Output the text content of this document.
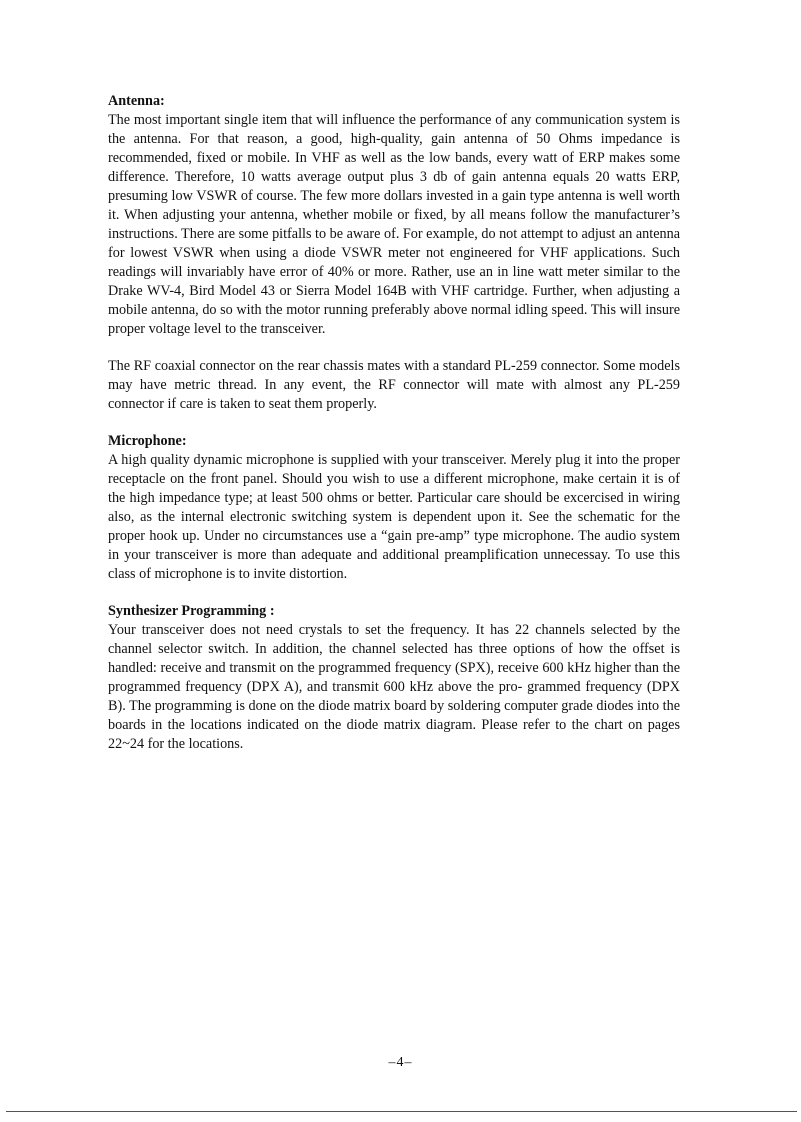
Antenna:

The most important single item that will influence the performance of any communication system is the antenna. For that reason, a good, high-quality, gain antenna of 50 Ohms impedance is recommended, fixed or mobile. In VHF as well as the low bands, every watt of ERP makes some difference. Therefore, 10 watts average output plus 3 db of gain antenna equals 20 watts ERP, presuming low VSWR of course. The few more dollars invested in a gain type antenna is well worth it. When adjusting your antenna, whether mobile or fixed, by all means follow the manufacturer’s instructions. There are some pitfalls to be aware of. For example, do not attempt to adjust an antenna for lowest VSWR when using a diode VSWR meter not engineered for VHF applications. Such readings will invariably have error of 40% or more. Rather, use an in line watt meter similar to the Drake WV-4, Bird Model 43 or Sierra Model 164B with VHF cartridge. Further, when adjusting a mobile antenna, do so with the motor running preferably above normal idling speed. This will insure proper voltage level to the transceiver.

The RF coaxial connector on the rear chassis mates with a standard PL-259 connector. Some models may have metric thread. In any event, the RF connector will mate with almost any PL-259 connector if care is taken to seat them properly.

Microphone:

A high quality dynamic microphone is supplied with your transceiver. Merely plug it into the proper receptacle on the front panel. Should you wish to use a different microphone, make certain it is of the high impedance type; at least 500 ohms or better. Particular care should be excercised in wiring also, as the internal electronic switching system is dependent upon it. See the schematic for the proper hook up. Under no circumstances use a “gain pre-amp” type microphone. The audio system in your transceiver is more than adequate and additional preamplification unnecessay. To use this class of microphone is to invite distortion.

Synthesizer Programming :

Your transceiver does not need crystals to set the frequency. It has 22 channels selected by the channel selector switch. In addition, the channel selected has three options of how the offset is handled: receive and transmit on the programmed frequency (SPX), receive 600 kHz higher than the programmed frequency (DPX A), and transmit 600 kHz above the pro- grammed frequency (DPX B). The programming is done on the diode matrix board by soldering computer grade diodes into the boards in the locations indicated on the diode matrix diagram. Please refer to the chart on pages 22~24 for the locations.

–4–
